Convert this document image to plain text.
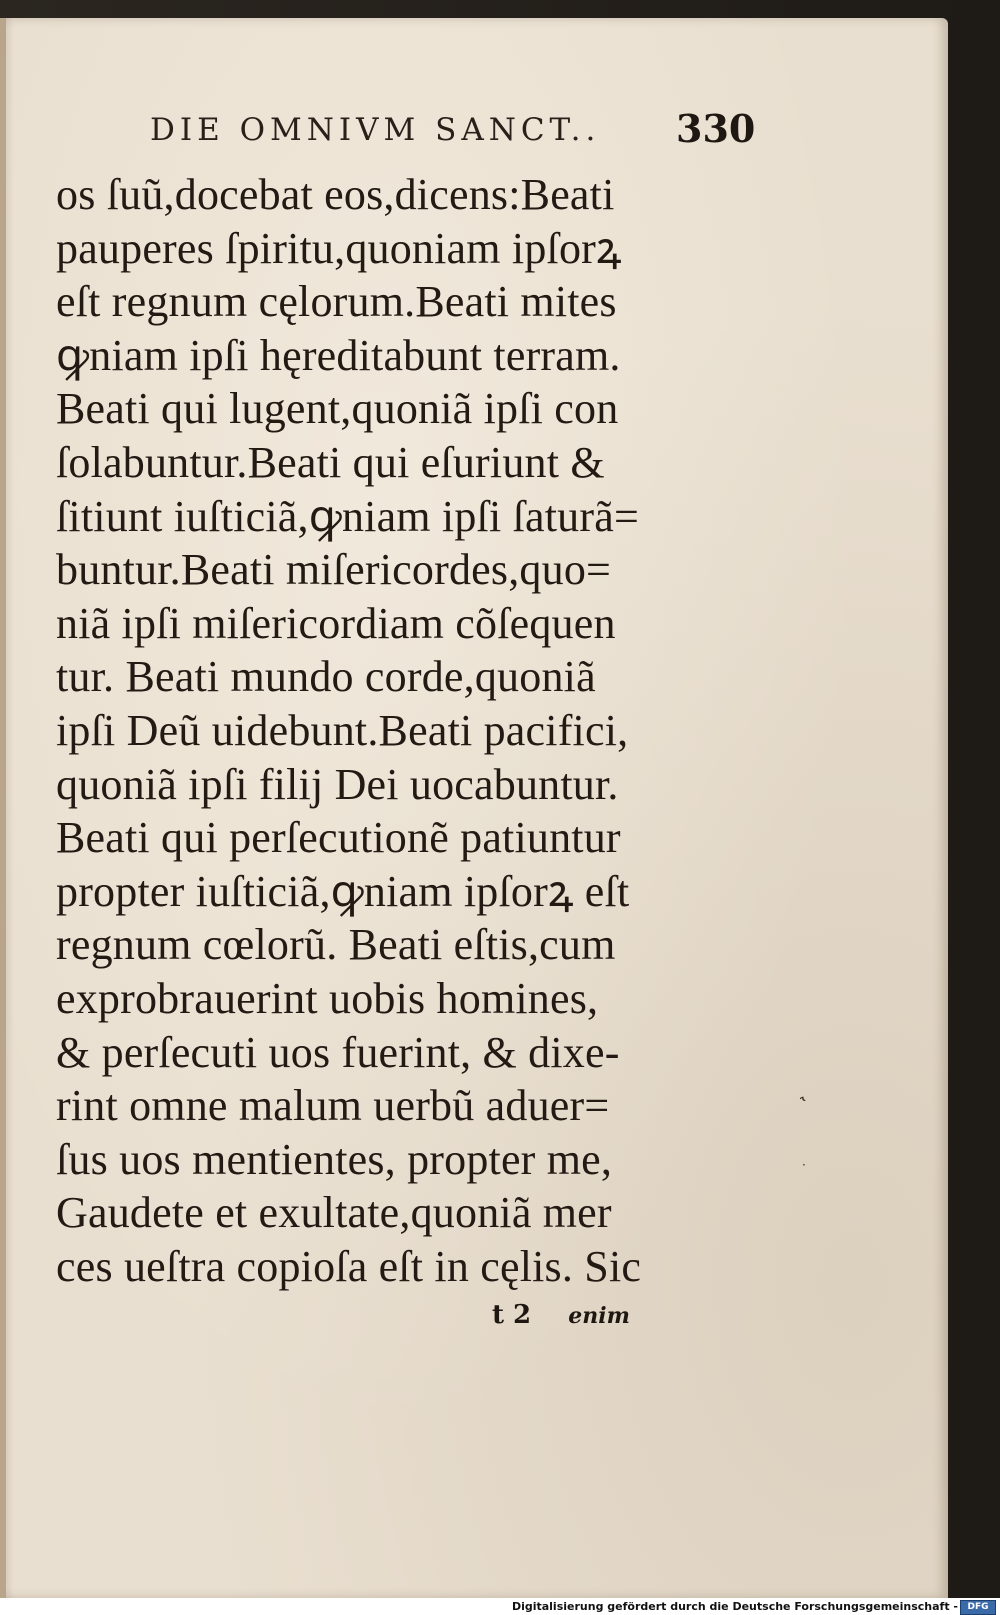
DIE OMNIVM SANCT.. 330
os ſuũ,docebat eos,dicens:Beati
pauperes ſpiritu,quoniam ipſorꝝ
eſt regnum cęlorum.Beati mites
ꝙniam ipſi hęreditabunt terram.
Beati qui lugent,quoniã ipſi con
ſolabuntur.Beati qui eſuriunt &
ſitiunt iuſticiã,ꝙniam ipſi ſaturã=
buntur.Beati miſericordes,quo=
niã ipſi miſericordiam cõſequen
tur. Beati mundo corde,quoniã
ipſi Deũ uidebunt.Beati pacifici,
quoniã ipſi filij Dei uocabuntur.
Beati qui perſecutionẽ patiuntur
propter iuſticiã,ꝙniam ipſorꝝ eſt
regnum cœlorũ. Beati eſtis,cum
exprobrauerint uobis homines,
& perſecuti uos fuerint, & dixe-
rint omne malum uerbũ aduer=
ſus uos mentientes, propter me,
Gaudete et exultate,quoniã mer
ces ueſtra copioſa eſt in cęlis. Sic
t 2 enim
˞
·
Digitalisierung gefördert durch die Deutsche Forschungsgemeinschaft -	DFG
